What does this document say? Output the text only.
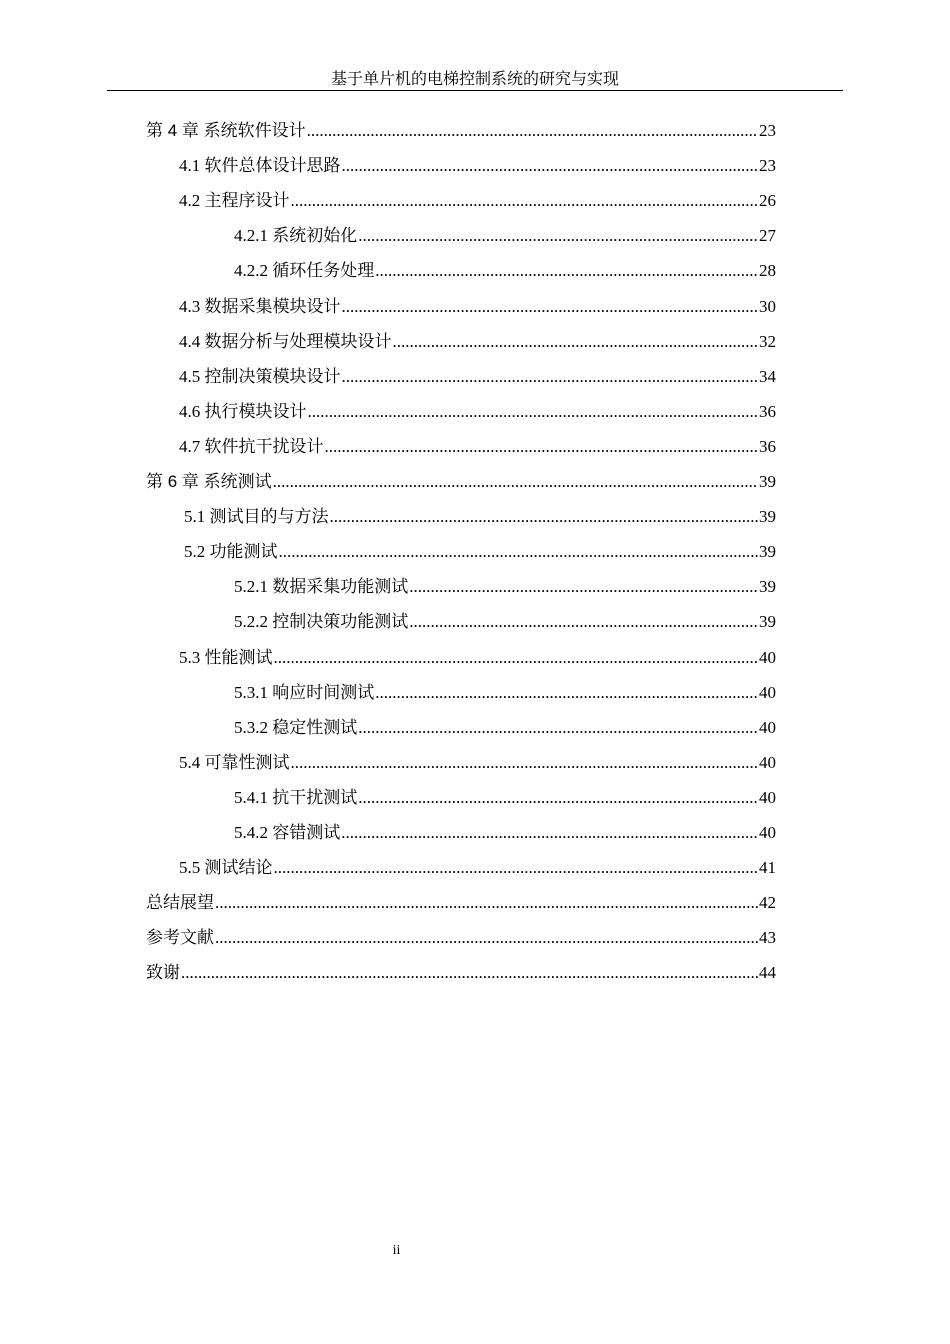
基于单片机的电梯控制系统的研究与实现
第 4 章 系统软件设计 .....	23
4.1 软件总体设计思路 .....	23
4.2 主程序设计 .....	26
4.2.1 系统初始化 .....	27
4.2.2 循环任务处理 .....	28
4.3 数据采集模块设计 .....	30
4.4 数据分析与处理模块设计 .....	32
4.5 控制决策模块设计 .....	34
4.6 执行模块设计 .....	36
4.7 软件抗干扰设计 .....	36
第 6 章 系统测试 .....	39
5.1 测试目的与方法 .....	39
5.2 功能测试 .....	39
5.2.1 数据采集功能测试 .....	39
5.2.2 控制决策功能测试 .....	39
5.3 性能测试 .....	40
5.3.1 响应时间测试 .....	40
5.3.2 稳定性测试 .....	40
5.4 可靠性测试 .....	40
5.4.1 抗干扰测试 .....	40
5.4.2 容错测试 .....	40
5.5 测试结论 .....	41
总结展望 .....	42
参考文献 .....	43
致谢 .....	44
ii
